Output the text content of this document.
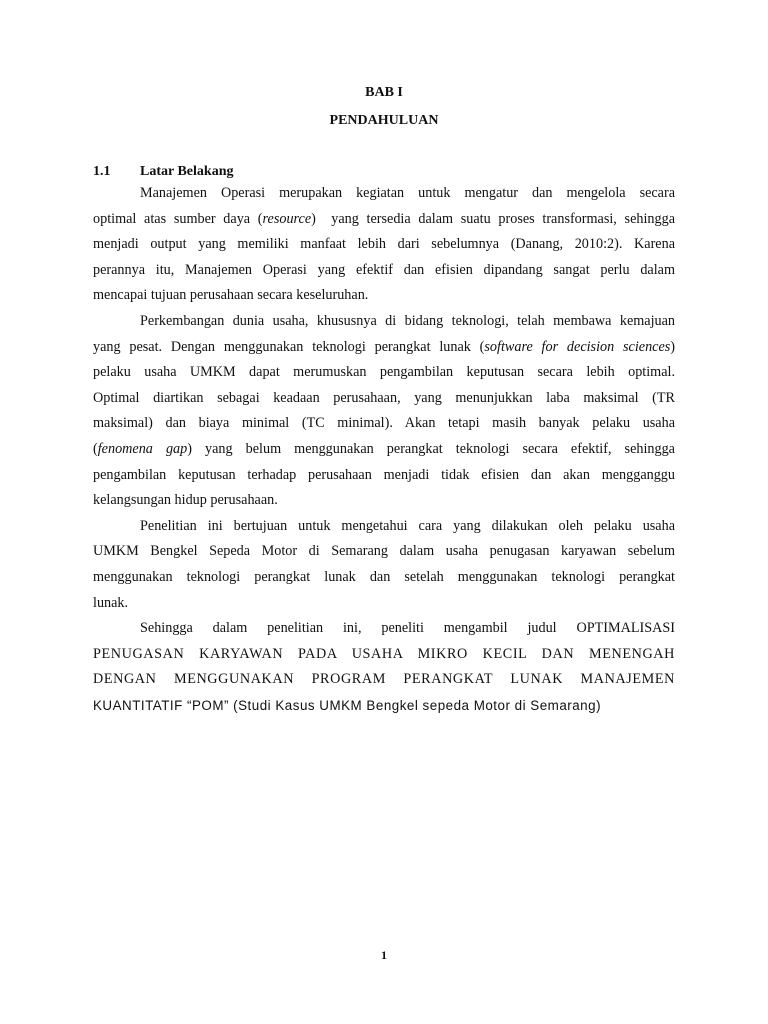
BAB I
PENDAHULUAN
1.1 Latar Belakang

Manajemen Operasi merupakan kegiatan untuk mengatur dan mengelola secara
optimal atas sumber daya (resource)  yang tersedia dalam suatu proses transformasi, sehingga
menjadi output yang memiliki manfaat lebih dari sebelumnya (Danang, 2010:2). Karena
perannya itu, Manajemen Operasi yang efektif dan efisien dipandang sangat perlu dalam
mencapai tujuan perusahaan secara keseluruhan.

Perkembangan dunia usaha, khususnya di bidang teknologi, telah membawa kemajuan
yang pesat. Dengan menggunakan teknologi perangkat lunak (software for decision sciences)
pelaku usaha UMKM dapat merumuskan pengambilan keputusan secara lebih optimal.
Optimal diartikan sebagai keadaan perusahaan, yang menunjukkan laba maksimal (TR
maksimal) dan biaya minimal (TC minimal). Akan tetapi masih banyak pelaku usaha
(fenomena gap) yang belum menggunakan perangkat teknologi secara efektif, sehingga
pengambilan keputusan terhadap perusahaan menjadi tidak efisien dan akan mengganggu
kelangsungan hidup perusahaan.

Penelitian ini bertujuan untuk mengetahui cara yang dilakukan oleh pelaku usaha
UMKM Bengkel Sepeda Motor di Semarang dalam usaha penugasan karyawan sebelum
menggunakan teknologi perangkat lunak dan setelah menggunakan teknologi perangkat
lunak.

Sehingga dalam penelitian ini, peneliti mengambil judul OPTIMALISASI
PENUGASAN KARYAWAN PADA USAHA MIKRO KECIL DAN MENENGAH
DENGAN MENGGUNAKAN PROGRAM PERANGKAT LUNAK MANAJEMEN
KUANTITATIF “POM” (Studi Kasus UMKM Bengkel sepeda Motor di Semarang)

1
